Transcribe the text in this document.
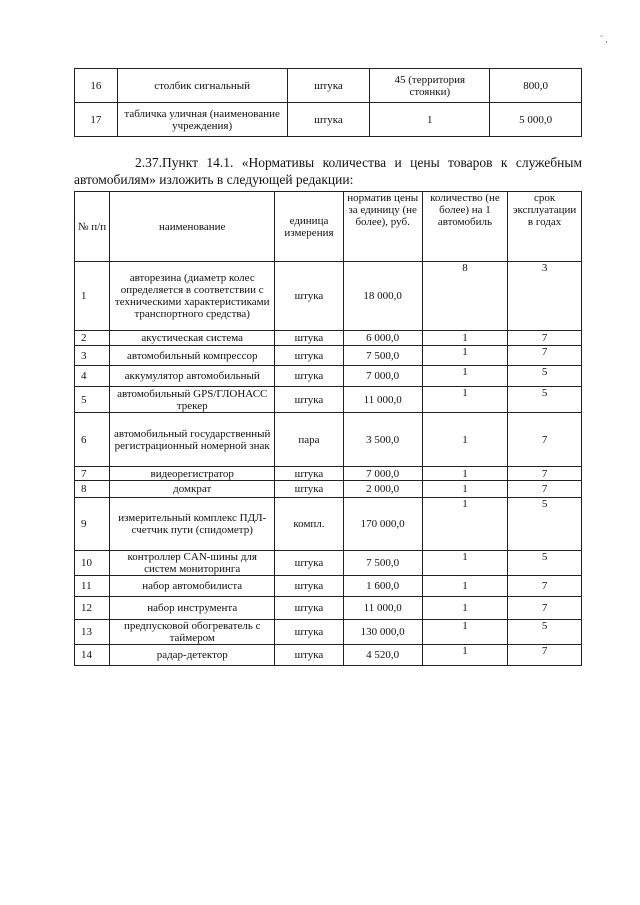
˘ ,
16	столбик сигнальный	штука	45 (территория стоянки)	800,0
17	табличка уличная (наименование учреждения)	штука	1	5 000,0
2.37.Пункт 14.1. «Нормативы количества и цены товаров к служебным
автомобилям» изложить в следующей редакции:
№ п/п	наименование	единица измерения	норматив цены за единицу (не более), руб.	количество (не более) на 1 автомобиль	срок эксплуатации в годах
1	авторезина (диаметр колес определяется в соответствии с техническими характеристиками транспортного средства)	штука	18 000,0	8	3
2	акустическая система	штука	6 000,0	1	7
3	автомобильный компрессор	штука	7 500,0	1	7
4	аккумулятор автомобильный	штука	7 000,0	1	5
5	автомобильный GPS/ГЛОНАСС трекер	штука	11 000,0	1	5
6	автомобильный государственный регистрационный номерной знак	пара	3 500,0	1	7
7	видеорегистратор	штука	7 000,0	1	7
8	домкрат	штука	2 000,0	1	7
9	измерительный комплекс ПДЛ-счетчик пути (спидометр)	компл.	170 000,0	1	5
10	контроллер CAN-шины для систем мониторинга	штука	7 500,0	1	5
11	набор автомобилиста	штука	1 600,0	1	7
12	набор инструмента	штука	11 000,0	1	7
13	предпусковой обогреватель с таймером	штука	130 000,0	1	5
14	радар-детектор	штука	4 520,0	1	7
